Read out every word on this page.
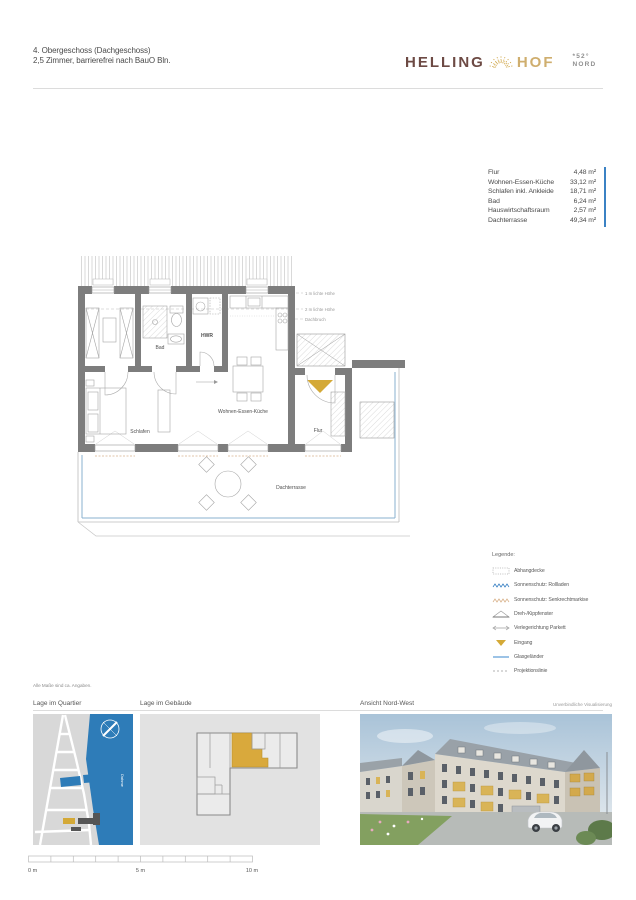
4. Obergeschoss (Dachgeschoss)
2,5 Zimmer, barrierefrei nach BauO Bln.	HELLING HOF	*52°
NORD
Flur	4,48 m²
Wohnen-Essen-Küche 33,12 m²
Schlafen inkl. Ankleide 18,71 m²
Bad	6,24 m²
Hauswirtschaftsraum	2,57 m²
Dachterrasse	49,34 m²
1 m lichte Höhe
2 m lichte Höhe
Dachbruch
Bad
HWR
Schlafen
Wohnen-Essen-Küche
Flur
Dachterrasse
Legende:
Abhangdecke
Sonnenschutz: Rollladen
Sonnenschutz: Senkrechtmarkise
Dreh-/Kippfenster
Verlegerichtung Parkett
Eingang
Glasgeländer
Projektionslinie
Alle Maße sind ca. Angaben.
Lage im Quartier	Lage im Gebäude	Ansicht Nord-West	Unverbindliche Visualisierung
Dahme
0 m	5 m	10 m
